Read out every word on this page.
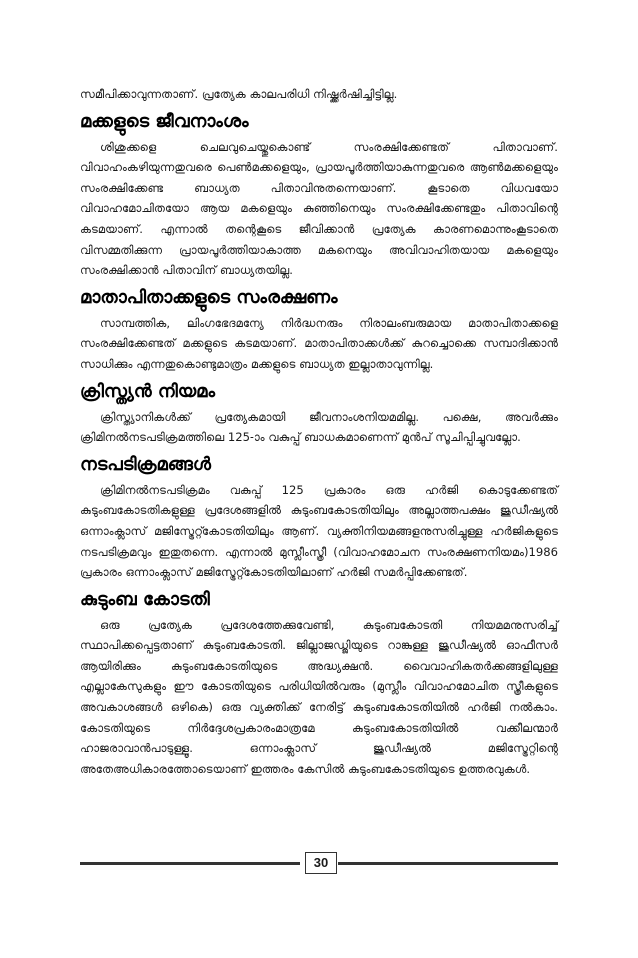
സമീപിക്കാവുന്നതാണ്. പ്രത്യേക കാലപരിധി നിഷ്ക്കർഷിച്ചിട്ടില്ല.

മക്കളുടെ ജീവനാംശം

ശിശുക്കളെ ചെലവുചെയ്തുകൊണ്ട് സംരക്ഷിക്കേണ്ടത് പിതാവാണ്. വിവാഹംകഴിയുന്നതുവരെ പെൺമക്കളെയും, പ്രായപൂർത്തിയാകുന്നതുവരെ ആൺമക്കളെയും സംരക്ഷിക്കേണ്ട ബാധ്യത പിതാവിനുതന്നെയാണ്. കൂടാതെ വിധവയോ വിവാഹമോചിതയോ ആയ മകളെയും കുഞ്ഞിനെയും സംരക്ഷിക്കേണ്ടതും പിതാവിന്റെ കടമയാണ്. എന്നാൽ തന്റെകൂടെ ജീവിക്കാൻ പ്രത്യേക കാരണമൊന്നുംകൂടാതെ വിസമ്മതിക്കുന്ന പ്രായപൂർത്തിയാകാത്ത മകനെയും അവിവാഹിതയായ മകളെയും സംരക്ഷിക്കാൻ പിതാവിന് ബാധ്യതയില്ല.

മാതാപിതാക്കളുടെ സംരക്ഷണം

സാമ്പത്തിക, ലിംഗഭേദമന്യേ നിർദ്ധനരും നിരാലംബരുമായ മാതാപിതാക്കളെ സംരക്ഷിക്കേണ്ടത് മക്കളുടെ കടമയാണ്. മാതാപിതാക്കൾക്ക് കുറച്ചൊക്കെ സമ്പാദിക്കാൻ സാധിക്കും എന്നതുകൊണ്ടുമാത്രം മക്കളുടെ ബാധ്യത ഇല്ലാതാവുന്നില്ല.

ക്രിസ്ത്യൻ നിയമം

ക്രിസ്ത്യാനികൾക്ക് പ്രത്യേകമായി ജീവനാംശനിയമമില്ല. പക്ഷെ, അവർക്കും ക്രിമിനൽനടപടിക്രമത്തിലെ 125-ാം വകുപ്പ് ബാധകമാണെന്ന് മുൻപ് സൂചിപ്പിച്ചുവല്ലോ.

നടപടിക്രമങ്ങൾ

ക്രിമിനൽനടപടിക്രമം വകുപ്പ് 125 പ്രകാരം ഒരു ഹർജി കൊടുക്കേണ്ടത് കുടുംബകോടതികളുള്ള പ്രദേശങ്ങളിൽ കുടുംബകോടതിയിലും അല്ലാത്തപക്ഷം ജുഡീഷ്യൽ ഒന്നാംക്ലാസ് മജിസ്ട്രേറ്റ്കോടതിയിലും ആണ്. വ്യക്തിനിയമങ്ങളനുസരിച്ചുള്ള ഹർജികളുടെ നടപടിക്രമവും ഇതുതന്നെ. എന്നാൽ മുസ്ലീംസ്ത്രീ (വിവാഹമോചന സംരക്ഷണനിയമം)1986 പ്രകാരം ഒന്നാംക്ലാസ് മജിസ്ട്രേറ്റ്കോടതിയിലാണ് ഹർജി സമർപ്പിക്കേണ്ടത്.

കുടുംബ കോടതി

ഒരു പ്രത്യേക പ്രദേശത്തേക്കുവേണ്ടി, കുടുംബകോടതി നിയമമനുസരിച്ച് സ്ഥാപിക്കപ്പെട്ടതാണ് കുടുംബകോടതി. ജില്ലാജഡ്ജിയുടെ റാങ്കുള്ള ജുഡീഷ്യൽ ഓഫീസർ ആയിരിക്കും കുടുംബകോടതിയുടെ അദ്ധ്യക്ഷൻ. വൈവാഹികതർക്കങ്ങളിലുള്ള എല്ലാകേസുകളും ഈ കോടതിയുടെ പരിധിയിൽവരും (മുസ്ലീം വിവാഹമോചിത സ്ത്രീകളുടെ അവകാശങ്ങൾ ഒഴികെ) ഒരു വ്യക്തിക്ക് നേരിട്ട് കുടുംബകോടതിയിൽ ഹർജി നൽകാം. കോടതിയുടെ നിർദ്ദേശപ്രകാരംമാത്രമേ കുടുംബകോടതിയിൽ വക്കീലന്മാർ ഹാജരാവാൻപാടുള്ളൂ. ഒന്നാംക്ലാസ് ജുഡീഷ്യൽ മജിസ്ട്രേറ്റിന്റെ അതേഅധികാരത്തോടെയാണ് ഇത്തരം കേസിൽ കുടുംബകോടതിയുടെ ഉത്തരവുകൾ.

30
